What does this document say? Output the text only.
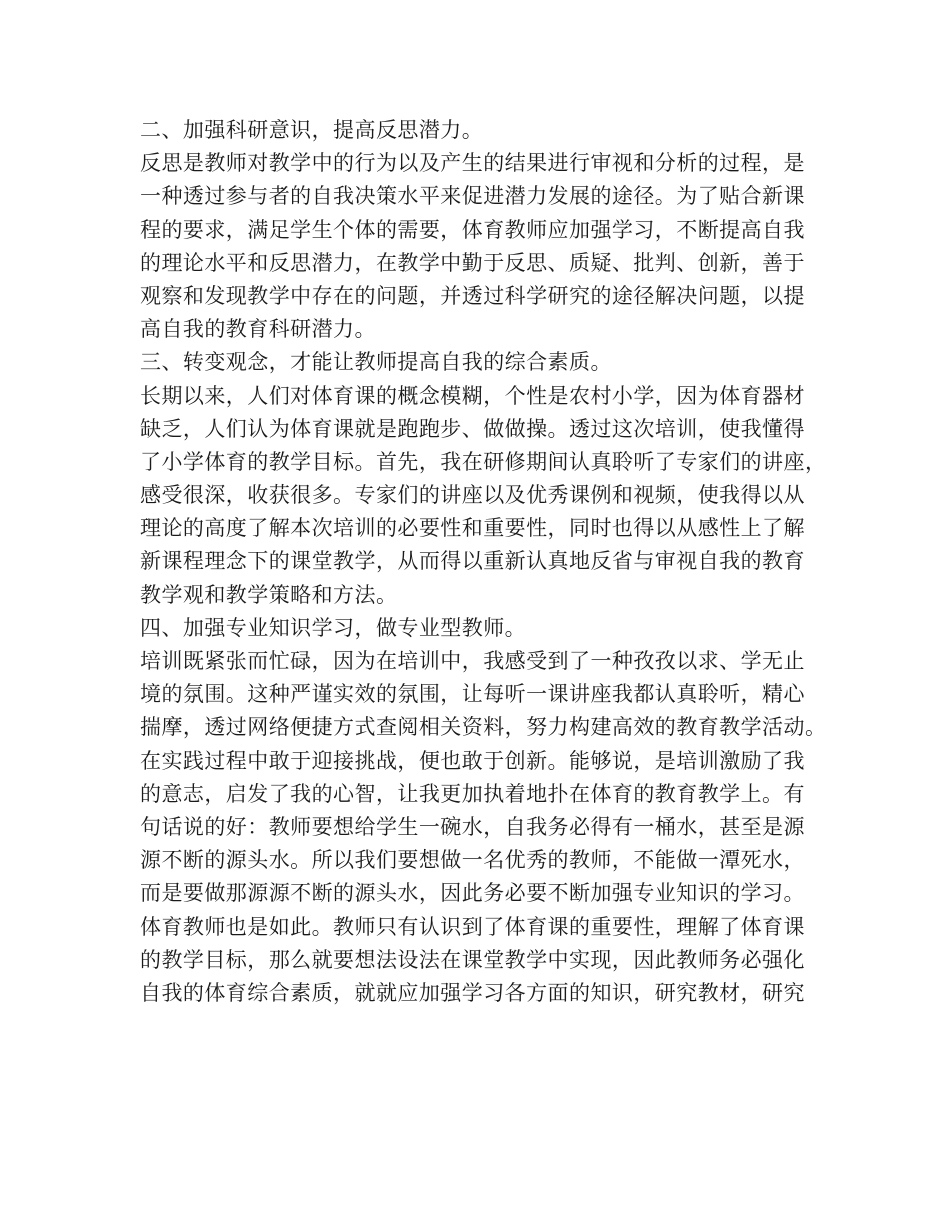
二、加强科研意识，提高反思潜力。
反思是教师对教学中的行为以及产生的结果进行审视和分析的过程，是
一种透过参与者的自我决策水平来促进潜力发展的途径。为了贴合新课
程的要求，满足学生个体的需要，体育教师应加强学习，不断提高自我
的理论水平和反思潜力，在教学中勤于反思、质疑、批判、创新，善于
观察和发现教学中存在的问题，并透过科学研究的途径解决问题，以提
高自我的教育科研潜力。
三、转变观念，才能让教师提高自我的综合素质。
长期以来，人们对体育课的概念模糊，个性是农村小学，因为体育器材
缺乏，人们认为体育课就是跑跑步、做做操。透过这次培训，使我懂得
了小学体育的教学目标。首先，我在研修期间认真聆听了专家们的讲座，
感受很深，收获很多。专家们的讲座以及优秀课例和视频，使我得以从
理论的高度了解本次培训的必要性和重要性，同时也得以从感性上了解
新课程理念下的课堂教学，从而得以重新认真地反省与审视自我的教育
教学观和教学策略和方法。
四、加强专业知识学习，做专业型教师。
培训既紧张而忙碌，因为在培训中，我感受到了一种孜孜以求、学无止
境的氛围。这种严谨实效的氛围，让每听一课讲座我都认真聆听，精心
揣摩，透过网络便捷方式查阅相关资料，努力构建高效的教育教学活动。
在实践过程中敢于迎接挑战，便也敢于创新。能够说，是培训激励了我
的意志，启发了我的心智，让我更加执着地扑在体育的教育教学上。有
句话说的好：教师要想给学生一碗水，自我务必得有一桶水，甚至是源
源不断的源头水。所以我们要想做一名优秀的教师，不能做一潭死水，
而是要做那源源不断的源头水，因此务必要不断加强专业知识的学习。
体育教师也是如此。教师只有认识到了体育课的重要性，理解了体育课
的教学目标，那么就要想法设法在课堂教学中实现，因此教师务必强化
自我的体育综合素质，就就应加强学习各方面的知识，研究教材，研究
